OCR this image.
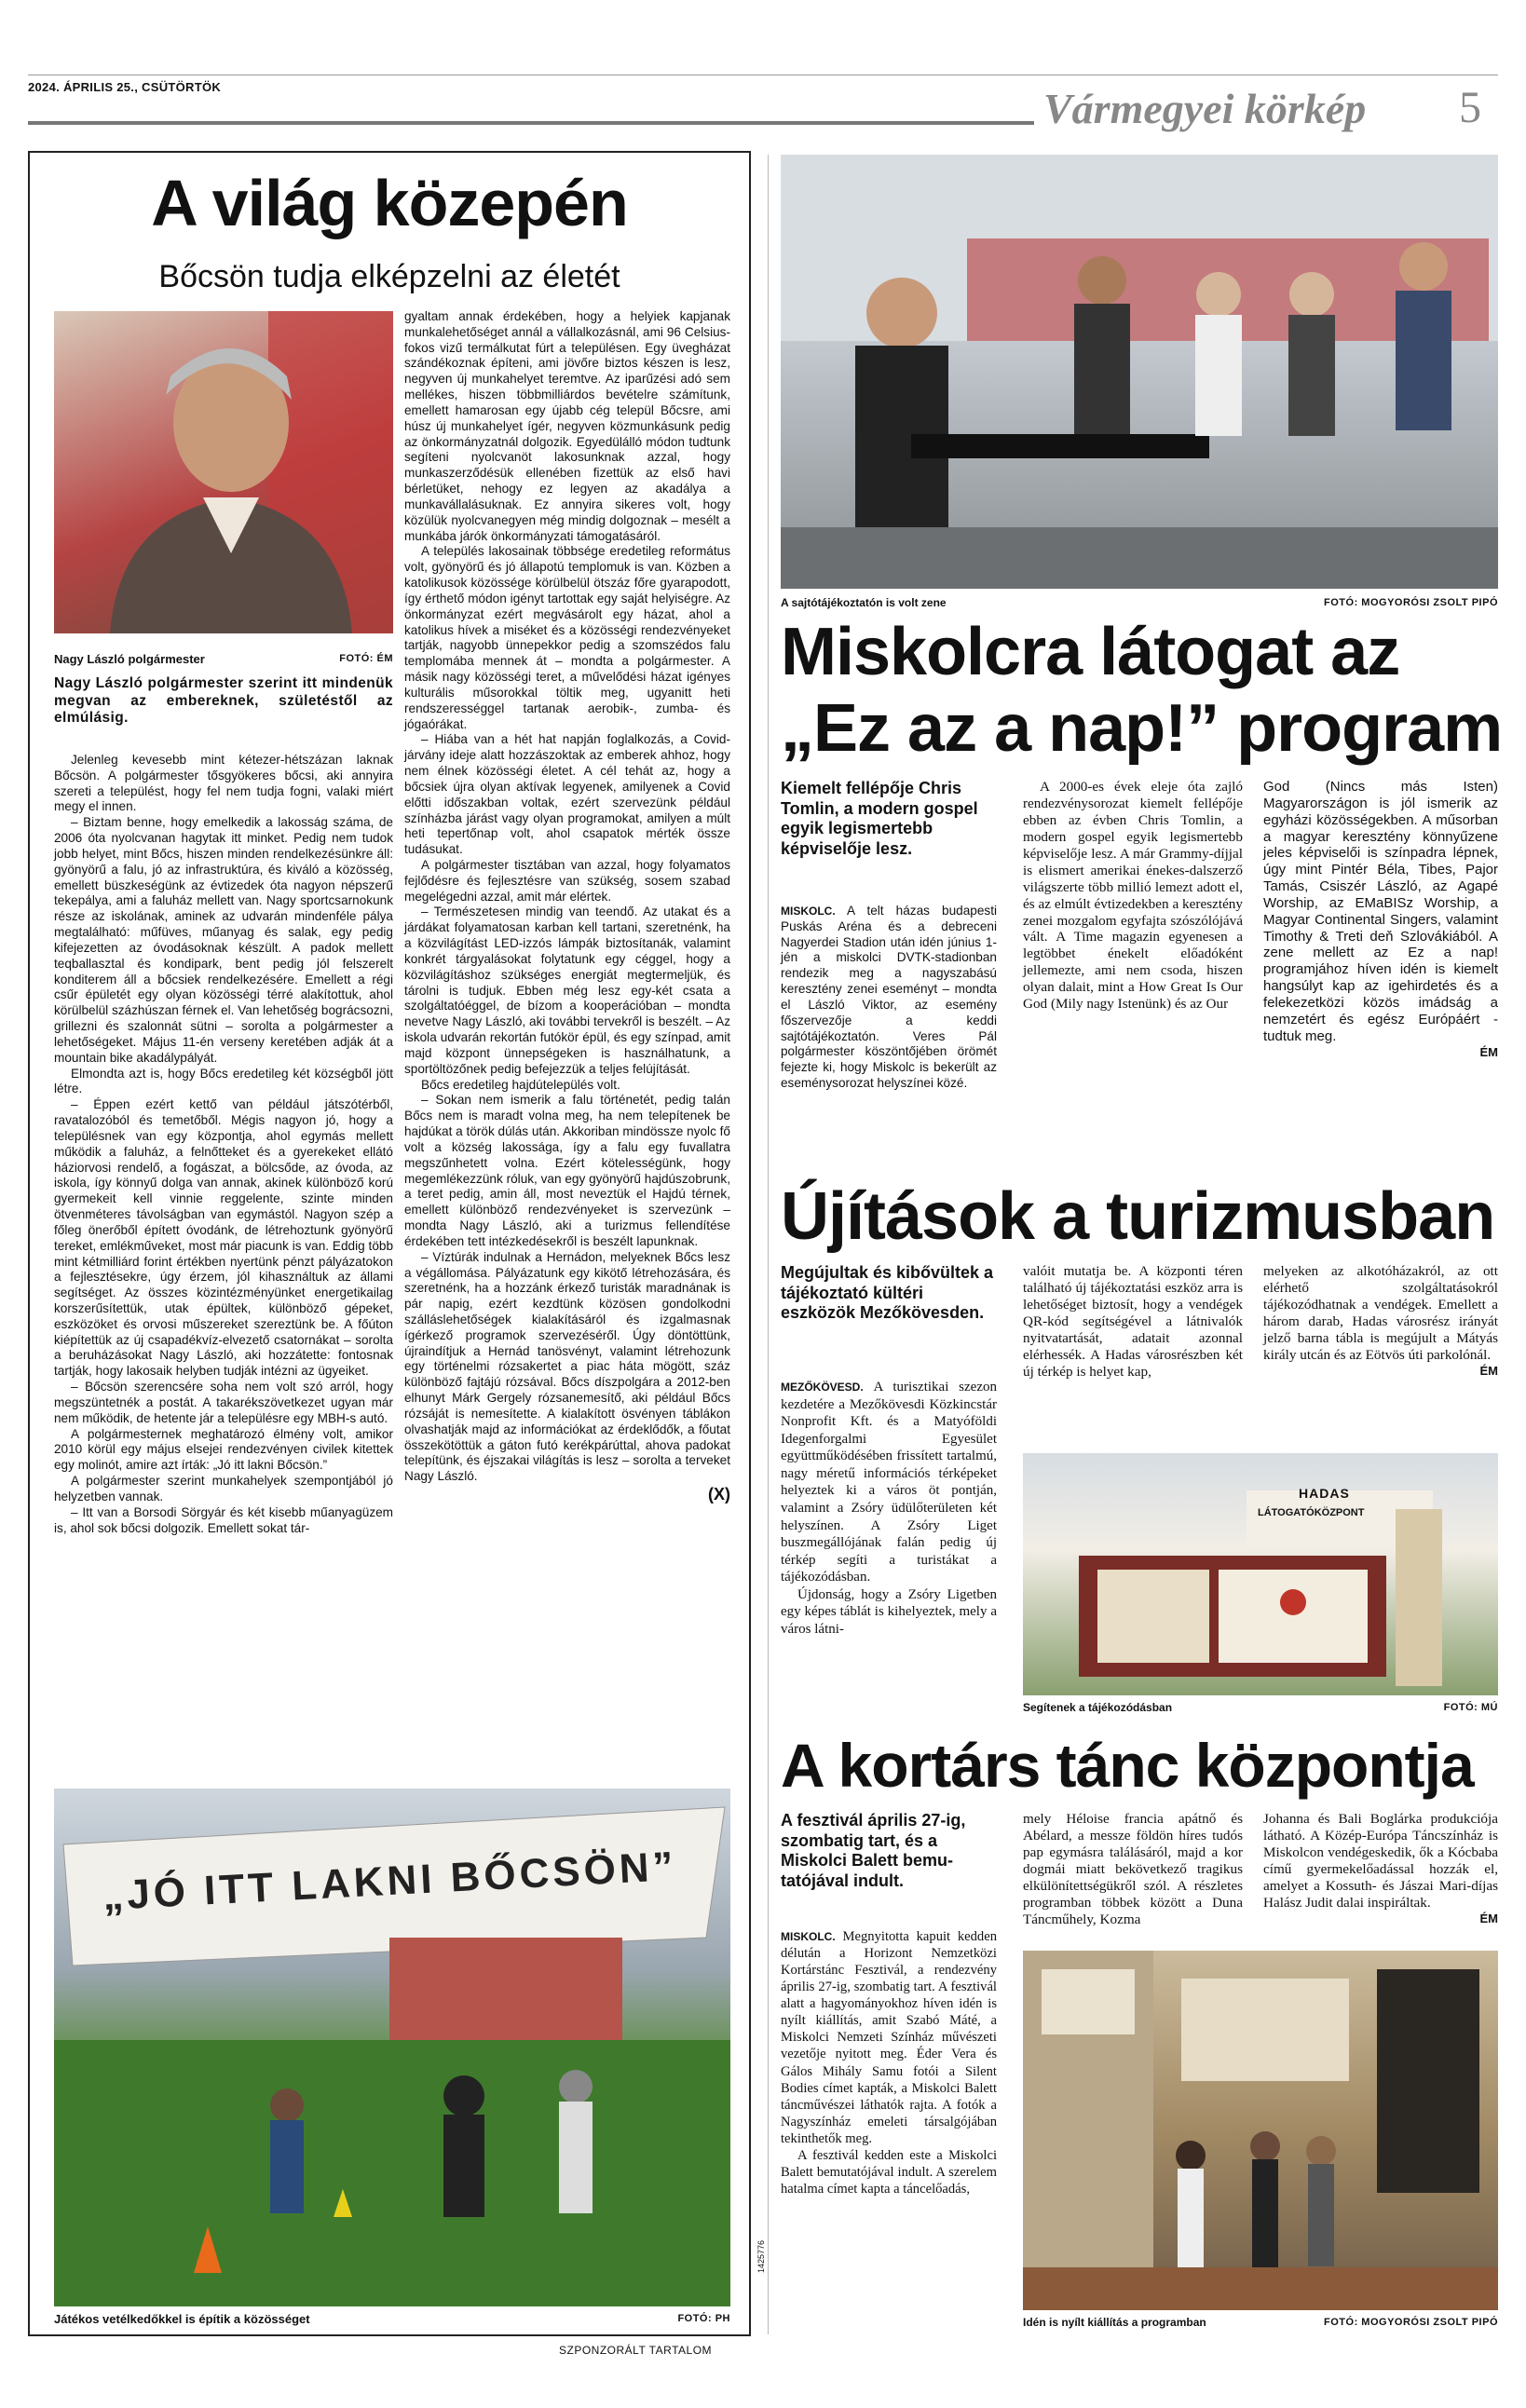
2024. ÁPRILIS 25., CSÜTÖRTÖK	Vármegyei körkép 5
A világ közepén
Bőcsön tudja elképzelni az életét
Nagy László polgármester	FOTÓ: ÉM
Nagy László polgármester szerint itt mindenük megvan az embereknek, születéstől az elmúlásig.

Jelenleg kevesebb mint kétezer-hétszázan laknak Bőcsön. A polgármester tősgyökeres bőcsi, aki annyira szereti a települést, hogy fel nem tudja fogni, valaki miért megy el innen.

– Biztam benne, hogy emelkedik a lakosság száma, de 2006 óta nyolcvanan hagytak itt minket. Pedig nem tudok jobb helyet, mint Bőcs, hiszen minden rendelkezésünkre áll: gyönyörű a falu, jó az infrastruktúra, és kiváló a közösség, emellett büszkeségünk az évtizedek óta nagyon népszerű tekepálya, ami a faluház mellett van. Nagy sportcsarnokunk része az iskolának, aminek az udvarán mindenféle pálya megtalálható: műfüves, műanyag és salak, egy pedig kifejezetten az óvodásoknak készült. A padok mellett teqballasztal és kondipark, bent pedig jól felszerelt konditerem áll a bőcsiek rendelkezésére. Emellett a régi csűr épületét egy olyan közösségi térré alakítottuk, ahol körülbelül százhúszan férnek el. Van lehetőség bográcsozni, grillezni és szalonnát sütni – sorolta a polgármester a lehetőségeket. Május 11-én verseny keretében adják át a mountain bike akadálypályát.

Elmondta azt is, hogy Bőcs eredetileg két községből jött létre.

– Éppen ezért kettő van például játszótérből, ravatalozóból és temetőből. Mégis nagyon jó, hogy a településnek van egy központja, ahol egymás mellett működik a faluház, a felnőtteket és a gyerekeket ellátó háziorvosi rendelő, a fogászat, a bölcsőde, az óvoda, az iskola, így könnyű dolga van annak, akinek különböző korú gyermekeit kell vinnie reggelente, szinte minden ötvenméteres távolságban van egymástól. Nagyon szép a főleg önerőből épített óvodánk, de létrehoztunk gyönyörű tereket, emlékműveket, most már piacunk is van. Eddig több mint kétmilliárd forint értékben nyertünk pénzt pályázatokon a fejlesztésekre, úgy érzem, jól kihasználtuk az állami segítséget. Az összes közintézményünket energetikailag korszerűsítettük, utak épültek, különböző gépeket, eszközöket és orvosi műszereket szereztünk be. A főúton kiépítettük az új csapadékvíz-elvezető csatornákat – sorolta a beruházásokat Nagy László, aki hozzátette: fontosnak tartják, hogy lakosaik helyben tudják intézni az ügyeiket.

– Bőcsön szerencsére soha nem volt szó arról, hogy megszüntetnék a postát. A takarékszövetkezet ugyan már nem működik, de hetente jár a településre egy MBH-s autó.

A polgármesternek meghatározó élmény volt, amikor 2010 körül egy május elsejei rendezvényen civilek kitettek egy molinót, amire azt írták: „Jó itt lakni Bőcsön.”

A polgármester szerint munkahelyek szempontjából jó helyzetben vannak.

– Itt van a Borsodi Sörgyár és két kisebb műanyagüzem is, ahol sok bőcsi dolgozik. Emellett sokat tár-

gyaltam annak érdekében, hogy a helyiek kapjanak munkalehetőséget annál a vállalkozásnál, ami 96 Celsius-fokos vizű termálkutat fúrt a településen. Egy üvegházat szándékoznak építeni, ami jövőre biztos készen is lesz, negyven új munkahelyet teremtve. Az iparűzési adó sem mellékes, hiszen többmilliárdos bevételre számítunk, emellett hamarosan egy újabb cég települ Bőcsre, ami húsz új munkahelyet ígér, negyven közmunkásunk pedig az önkormányzatnál dolgozik. Egyedülálló módon tudtunk segíteni nyolcvanöt lakosunknak azzal, hogy munkaszerződésük ellenében fizettük az első havi bérletüket, nehogy ez legyen az akadálya a munkavállalásuknak. Ez annyira sikeres volt, hogy közülük nyolcvanegyen még mindig dolgoznak – mesélt a munkába járók önkormányzati támogatásáról.

A település lakosainak többsége eredetileg református volt, gyönyörű és jó állapotú templomuk is van. Közben a katolikusok közössége körülbelül ötszáz főre gyarapodott, így érthető módon igényt tartottak egy saját helyiségre. Az önkormányzat ezért megvásárolt egy házat, ahol a katolikus hívek a miséket és a közösségi rendezvényeket tartják, nagyobb ünnepekkor pedig a szomszédos falu templomába mennek át – mondta a polgármester. A másik nagy közösségi teret, a művelődési házat igényes kulturális műsorokkal töltik meg, ugyanitt heti rendszerességgel tartanak aerobik-, zumba- és jógaórákat.

– Hiába van a hét hat napján foglalkozás, a Covid-járvány ideje alatt hozzászoktak az emberek ahhoz, hogy nem élnek közösségi életet. A cél tehát az, hogy a bőcsiek újra olyan aktívak legyenek, amilyenek a Covid előtti időszakban voltak, ezért szervezünk például színházba járást vagy olyan programokat, amilyen a múlt heti tepertőnap volt, ahol csapatok mérték össze tudásukat.

A polgármester tisztában van azzal, hogy folyamatos fejlődésre és fejlesztésre van szükség, sosem szabad megelégedni azzal, amit már elértek.

– Természetesen mindig van teendő. Az utakat és a járdákat folyamatosan karban kell tartani, szeretnénk, ha a közvilágítást LED-izzós lámpák biztosítanák, valamint konkrét tárgyalásokat folytatunk egy céggel, hogy a közvilágításhoz szükséges energiát megtermeljük, és tárolni is tudjuk. Ebben még lesz egy-két csata a szolgáltatóéggel, de bízom a kooperációban – mondta nevetve Nagy László, aki további tervekről is beszélt. – Az iskola udvarán rekortán futókör épül, és egy színpad, amit majd központ ünnepségeken is használhatunk, a sportöltözőnek pedig befejezzük a teljes felújítását.

Bőcs eredetileg hajdútelepülés volt.

– Sokan nem ismerik a falu történetét, pedig talán Bőcs nem is maradt volna meg, ha nem telepítenek be hajdúkat a török dúlás után. Akkoriban mindössze nyolc fő volt a község lakossága, így a falu egy fuvallatra megszűnhetett volna. Ezért kötelességünk, hogy megemlékezzünk róluk, van egy gyönyörű hajdúszobrunk, a teret pedig, amin áll, most neveztük el Hajdú térnek, emellett különböző rendezvényeket is szervezünk – mondta Nagy László, aki a turizmus fellendítése érdekében tett intézkedésekről is beszélt lapunknak.

– Víztúrák indulnak a Hernádon, melyeknek Bőcs lesz a végállomása. Pályázatunk egy kikötő létrehozására, és szeretnénk, ha a hozzánk érkező turisták maradnának is pár napig, ezért kezdtünk közösen gondolkodni szálláslehetőségek kialakításáról és izgalmasnak ígérkező programok szervezéséről. Úgy döntöttünk, újraindítjuk a Hernád tanösvényt, valamint létrehozunk egy történelmi rózsakertet a piac háta mögött, száz különböző fajtájú rózsával. Bőcs díszpolgára a 2012-ben elhunyt Márk Gergely rózsanemesítő, aki például Bőcs rózsáját is nemesítette. A kialakított ösvényen táblákon olvashatják majd az információkat az érdeklődők, a főutat összekötöttük a gáton futó kerékpárúttal, ahova padokat telepítünk, és éjszakai világítás is lesz – sorolta a terveket Nagy László.

(X)
„JÓ ITT LAKNI BŐCSÖN”
Játékos vetélkedőkkel is építik a közösséget	FOTÓ: PH
SZPONZORÁLT TARTALOM
1425776
A sajtótájékoztatón is volt zene	FOTÓ: MOGYORÓSI ZSOLT PIPÓ
Miskolcra látogat az
„Ez az a nap!” program
Kiemelt fellépője Chris Tomlin, a modern gospel egyik legismertebb képviselője lesz.

MISKOLC. A telt házas budapesti Puskás Aréna és a debreceni Nagyerdei Stadion után idén június 1-jén a miskolci DVTK-stadionban rendezik meg a nagyszabású keresztény zenei eseményt – mondta el László Viktor, az esemény főszervezője a keddi sajtótájékoztatón. Veres Pál polgármester köszöntőjében örömét fejezte ki, hogy Miskolc is bekerült az eseménysorozat helyszínei közé.

A 2000-es évek eleje óta zajló rendezvénysorozat kiemelt fellépője ebben az évben Chris Tomlin, a modern gospel egyik legismertebb képviselője lesz. A már Grammy-díjjal is elismert amerikai énekes-dalszerző világszerte több millió lemezt adott el, és az elmúlt évtizedekben a keresztény zenei mozgalom egyfajta szószólójává vált. A Time magazin egyenesen a legtöbbet énekelt előadóként jellemezte, ami nem csoda, hiszen olyan dalait, mint a How Great Is Our God (Mily nagy Istenünk) és az Our

God (Nincs más Isten) Magyarországon is jól ismerik az egyházi közösségekben. A műsorban a magyar keresztény könnyűzene jeles képviselői is színpadra lépnek, úgy mint Pintér Béla, Tibes, Pajor Tamás, Csiszér László, az Agapé Worship, az EMaBISz Worship, a Magyar Continental Singers, valamint Timothy & Treti deň Szlovákiából. A zene mellett az Ez a nap! programjához híven idén is kiemelt hangsúlyt kap az igehirdetés és a felekezetközi közös imádság a nemzetért és egész Európáért - tudtuk meg.

ÉM
Újítások a turizmusban
Megújultak és kibővültek a tájékoztató kültéri eszközök Mezőkövesden.

MEZŐKÖVESD. A turisztikai szezon kezdetére a Mezőkövesdi Közkincstár Nonprofit Kft. és a Matyóföldi Idegenforgalmi Egyesület együttműködésében frissített tartalmú, nagy méretű információs térképeket helyeztek ki a város öt pontján, valamint a Zsóry üdülőterületen két helyszínen. A Zsóry Liget buszmegállójának falán pedig új térkép segíti a turistákat a tájékozódásban.

Újdonság, hogy a Zsóry Ligetben egy képes táblát is kihelyeztek, mely a város látni-

valóit mutatja be. A központi téren található új tájékoztatási eszköz arra is lehetőséget biztosít, hogy a vendégek QR-kód segítségével a látnivalók nyitvatartását, adatait azonnal elérhessék. A Hadas városrészben két új térkép is helyet kap,

melyeken az alkotóházakról, az ott elérhető szolgáltatásokról tájékozódhatnak a vendégek. Emellett a három darab, Hadas városrész irányát jelző barna tábla is megújult a Mátyás király utcán és az Eötvös úti parkolónál.

ÉM
HADAS
LÁTOGATÓKÖZPONT
Segítenek a tájékozódásban	FOTÓ: MÚ
A kortárs tánc központja
A fesztivál április 27-ig, szombatig tart, és a Miskolci Balett bemutatójával indult.

MISKOLC. Megnyitotta kapuit kedden délután a Horizont Nemzetközi Kortárstánc Fesztivál, a rendezvény április 27-ig, szombatig tart. A fesztivál alatt a hagyományokhoz híven idén is nyílt kiállítás, amit Szabó Máté, a Miskolci Nemzeti Színház művészeti vezetője nyitott meg. Éder Vera és Gálos Mihály Samu fotói a Silent Bodies címet kapták, a Miskolci Balett táncművészei láthatók rajta. A fotók a Nagyszínház emeleti társalgójában tekinthetők meg.

A fesztivál kedden este a Miskolci Balett bemutatójával indult. A szerelem hatalma címet kapta a táncelőadás,

mely Héloise francia apátnő és Abélard, a messze földön híres tudós pap egymásra találásáról, majd a kor dogmái miatt bekövetkező tragikus elkülönítettségükről szól. A részletes programban többek között a Duna Táncműhely, Kozma

Johanna és Bali Boglárka produkciója látható. A Közép-Európa Táncszínház is Miskolcon vendégeskedik, ők a Kócbaba című gyermekelőadással hozzák el, amelyet a Kossuth- és Jászai Mari-díjas Halász Judit dalai inspiráltak.

ÉM
Idén is nyílt kiállítás a programban	FOTÓ: MOGYORÓSI ZSOLT PIPÓ
